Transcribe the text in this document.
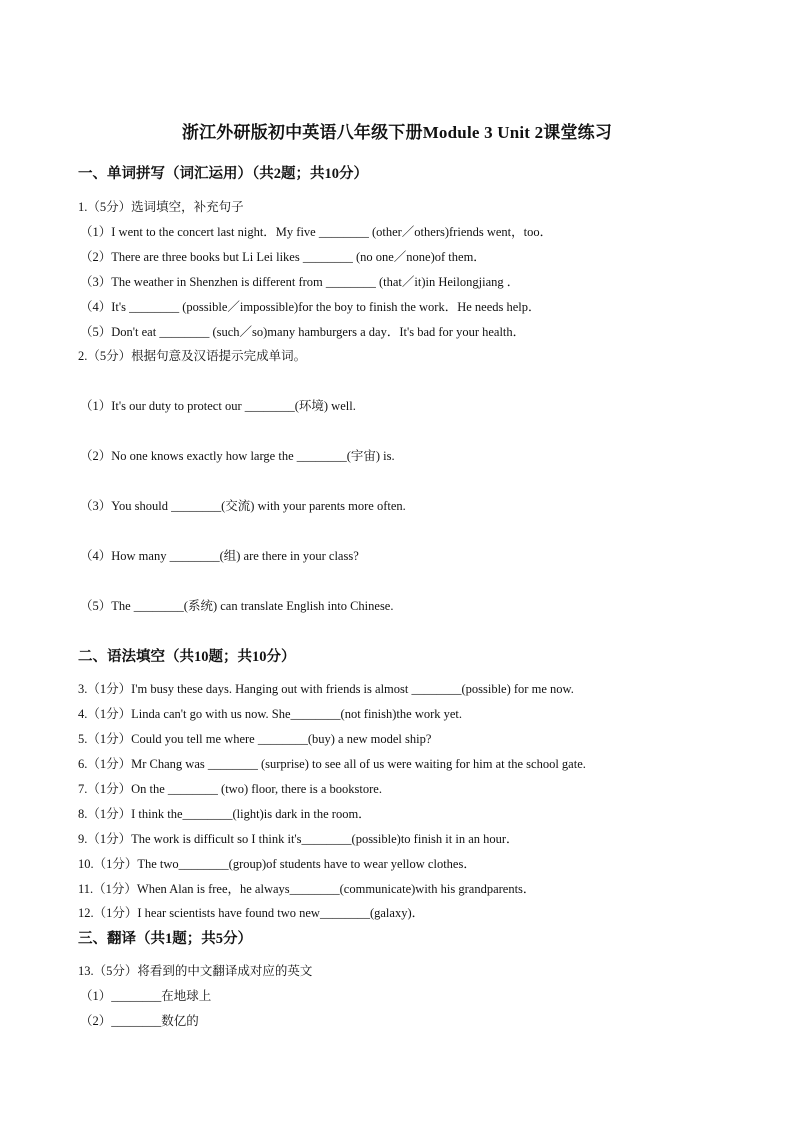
浙江外研版初中英语八年级下册Module 3 Unit 2课堂练习
一、单词拼写（词汇运用）（共2题；共10分）
1.（5分）选词填空，补充句子
（1）I went to the concert last night．My five ________ (other／others)friends went，too．
（2）There are three books but Li Lei likes ________ (no one／none)of them．
（3）The weather in Shenzhen is different from ________ (that／it)in Heilongjiang ．
（4）It's ________ (possible／impossible)for the boy to finish the work．He needs help．
（5）Don't eat ________ (such／so)many hamburgers a day．It's bad for your health．
2.（5分）根据句意及汉语提示完成单词。
（1）It's our duty to protect our ________(环境) well.
（2）No one knows exactly how large the ________(宇宙) is.
（3）You should ________(交流) with your parents more often.
（4）How many ________(组) are there in your class?
（5）The ________(系统) can translate English into Chinese.
二、语法填空（共10题；共10分）
3.（1分）I'm busy these days. Hanging out with friends is almost ________(possible) for me now.
4.（1分）Linda can't go with us now. She________(not finish)the work yet.
5.（1分）Could you tell me where ________(buy) a new model ship?
6.（1分）Mr Chang was ________ (surprise) to see all of us were waiting for him at the school gate.
7.（1分）On the ________ (two) floor, there is a bookstore.
8.（1分）I think the________(light)is dark in the room．
9.（1分）The work is difficult so I think it's________(possible)to finish it in an hour．
10.（1分）The two________(group)of students have to wear yellow clothes．
11.（1分）When Alan is free，he always________(communicate)with his grandparents．
12.（1分）I hear scientists have found two new________(galaxy)．
三、翻译（共1题；共5分）
13.（5分）将看到的中文翻译成对应的英文
（1）________在地球上
（2）________数亿的
